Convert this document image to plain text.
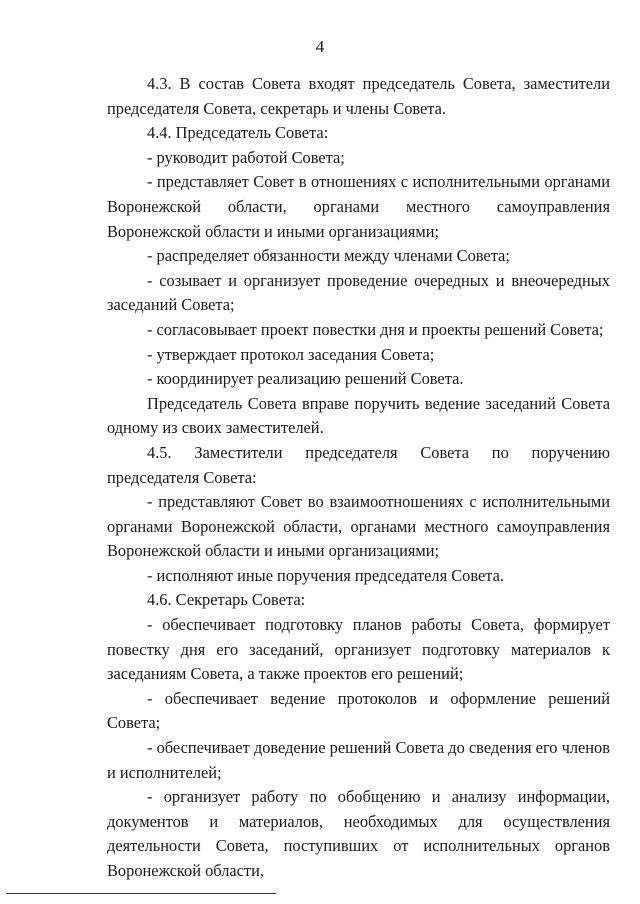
4

4.3. В состав Совета входят председатель Совета, заместители председателя Совета, секретарь и члены Совета.

4.4. Председатель Совета:

- руководит работой Совета;

- представляет Совет в отношениях с исполнительными органами Воронежской области, органами местного самоуправления Воронежской области и иными организациями;

- распределяет обязанности между членами Совета;

- созывает и организует проведение очередных и внеочередных заседаний Совета;

- согласовывает проект повестки дня и проекты решений Совета;

- утверждает протокол заседания Совета;

- координирует реализацию решений Совета.

Председатель Совета вправе поручить ведение заседаний Совета одному из своих заместителей.

4.5. Заместители председателя Совета по поручению председателя Совета:

- представляют Совет во взаимоотношениях с исполнительными органами Воронежской области, органами местного самоуправления Воронежской области и иными организациями;

- исполняют иные поручения председателя Совета.

4.6. Секретарь Совета:

- обеспечивает подготовку планов работы Совета, формирует повестку дня его заседаний, организует подготовку материалов к заседаниям Совета, а также проектов его решений;

- обеспечивает ведение протоколов и оформление решений Совета;

- обеспечивает доведение решений Совета до сведения его членов и исполнителей;

- организует работу по обобщению и анализу информации, документов и материалов, необходимых для осуществления деятельности Совета, поступивших от исполнительных органов Воронежской области,
